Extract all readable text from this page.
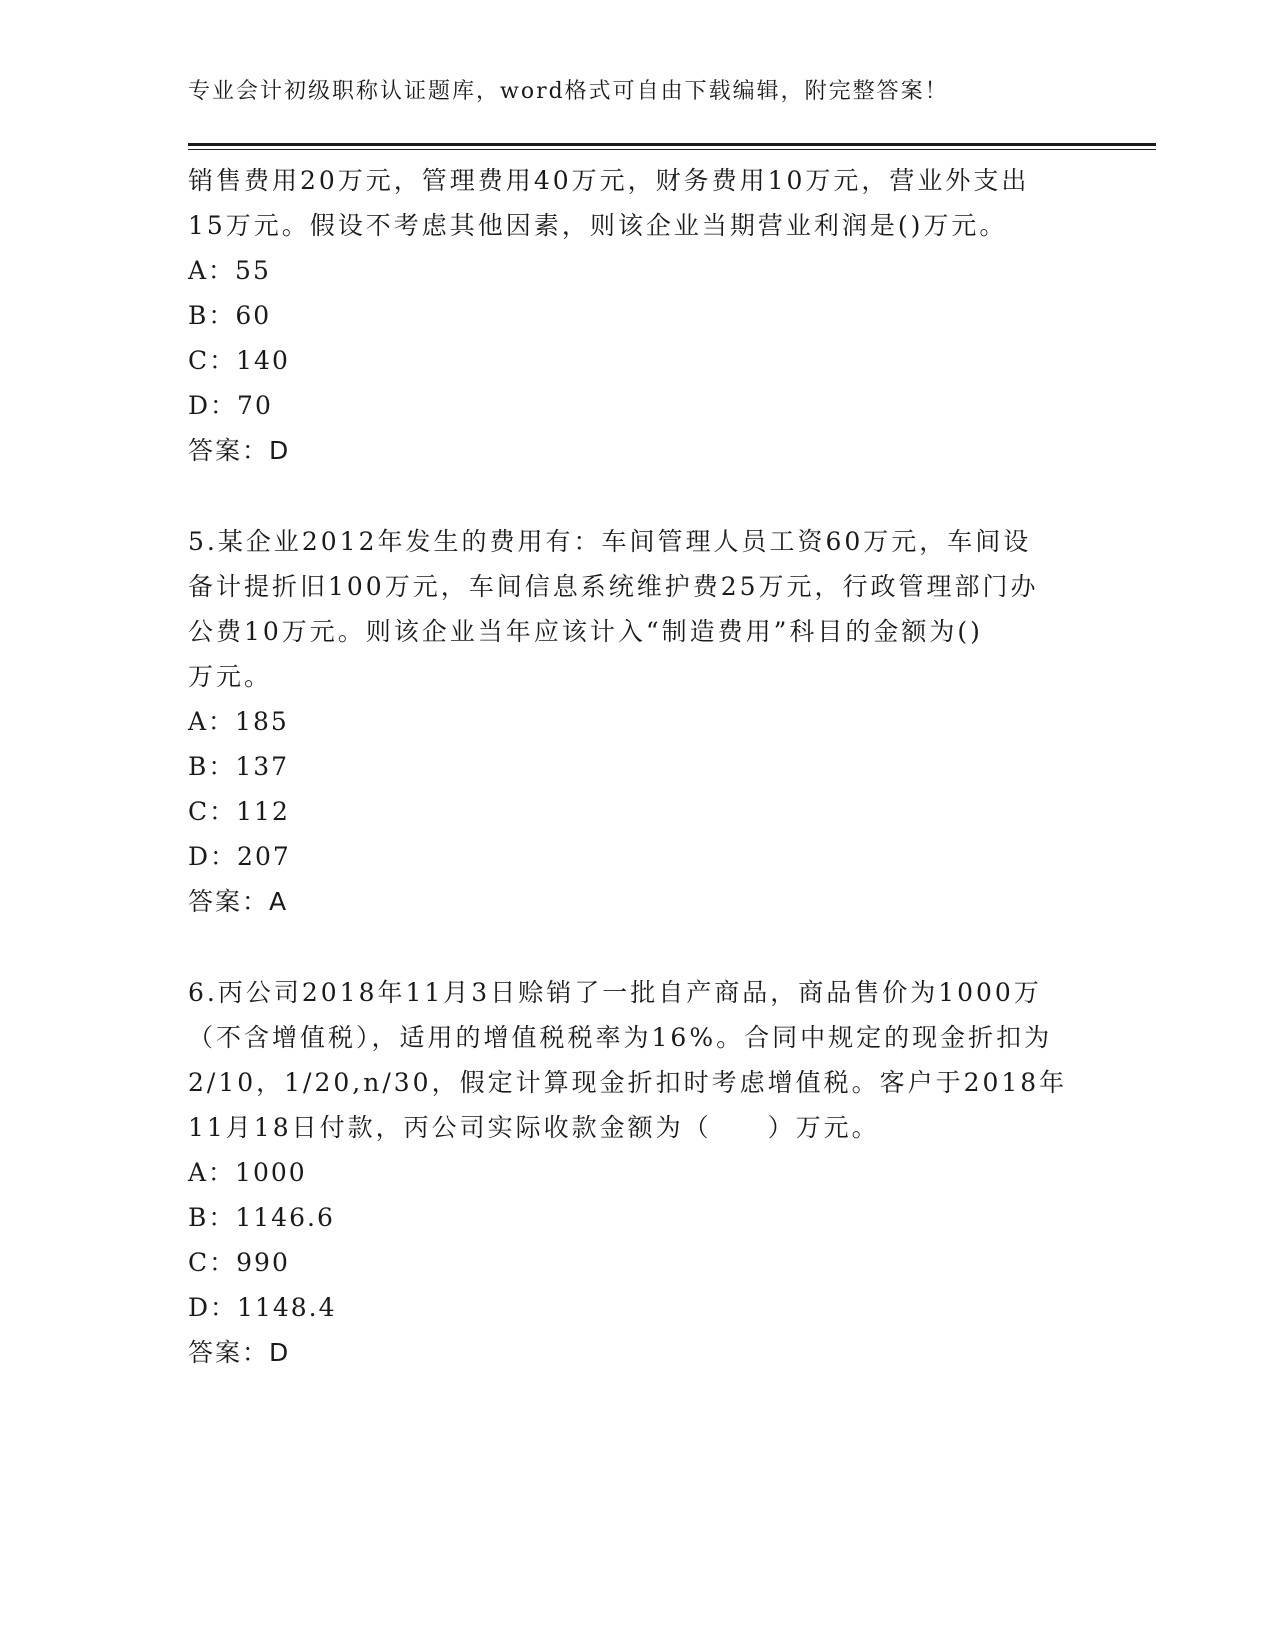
专业会计初级职称认证题库，word格式可自由下载编辑，附完整答案！
销售费用20万元，管理费用40万元，财务费用10万元，营业外支出
15万元。假设不考虑其他因素，则该企业当期营业利润是()万元。
A：55
B：60
C：140
D：70
答案：D
5.某企业2012年发生的费用有：车间管理人员工资60万元，车间设
备计提折旧100万元，车间信息系统维护费25万元，行政管理部门办
公费10万元。则该企业当年应该计入“制造费用”科目的金额为()
万元。
A：185
B：137
C：112
D：207
答案：A
6.丙公司2018年11月3日赊销了一批自产商品，商品售价为1000万
（不含增值税），适用的增值税税率为16%。合同中规定的现金折扣为
2/10，1/20,n/30，假定计算现金折扣时考虑增值税。客户于2018年
11月18日付款，丙公司实际收款金额为（　　）万元。
A：1000
B：1146.6
C：990
D：1148.4
答案：D
